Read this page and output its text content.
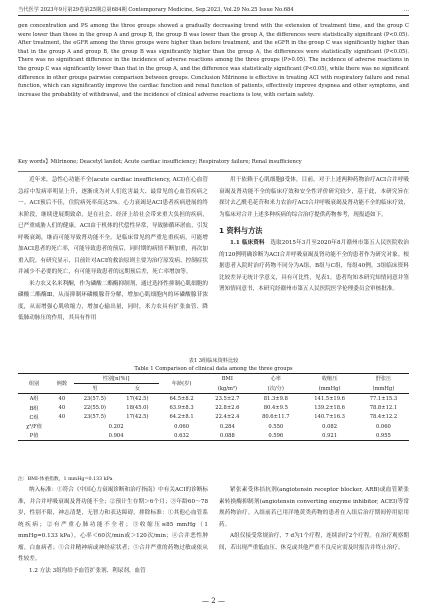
当代医学 2023年9月第29卷第25期总第684期 Contemporary Medicine, Sep.2023, Vol.29 No.25 Issue No.684	…

gen concentration and PS among the three groups showed a gradually decreasing trend with the extension of treatment time, and the group C were lower than those in the group A and group B, the group B was lower than the group A, the differences were statistically significant (P<0.05). After treatment, the eGFR among the three groups were higher than before treatment, and the eGFR in the group C was significantly higher than that in the group A and group B, the group B was significantly higher than the group A, the differences were statistically significant (P<0.05). There was no significant difference in the incidence of adverse reactions among the three groups (P>0.05). The incidence of adverse reactions in the group C was significantly lower than that in the group A, and the difference was statistically significant (P<0.05), while there was no significant difference in other groups pairwise comparison between groups. Conclusion Milrinone is effective in treating ACI with respiratory failure and renal function, which can significantly improve the cardiac function and renal function of patients, effectively improve dyspnea and other symptoms, and increase the probability of withdrawal, and the incidence of clinical adverse reactions is low, with certain safety.

Key words】Milrinone; Deacetyl lanilot; Acute cardiac insufficiency; Respiratory failure; Renal insufficiency

近年来，急性心功能不全(acute cardiac insufficiency, ACI)在心血管急症中发病率明显上升，逐渐成为对人们危害最大、最常见的心血管疾病之一。ACI预后不佳，住院病死率高达3%。心力衰竭是ACI患者疾病进展的终末阶段，继续进展期致命，是在社会、经济上给社会带来重大负担的疾病，已严重威胁人们的健康。ACI由于机体的代偿性异常，导致肺循环淤血，引发呼吸衰竭，继而可能导致肾功能不全。是临床常见的严重危重疾病，可能增加ACI患者的死亡率，可能导致患者的预后，同时期的病情不断加重，再次加重入院。有研究显示，目前针对ACI的救治原则主要为治疗原发病、控制症状并减少不必要的死亡，有可能导致患者的远期预后差，死亡率增加等。

米力农又名米利酮，作为磷酸二酯酶抑制剂，通过选择性抑制心肌细胞的磷酸二酯酶Ⅲ，从而抑制环磷酸腺苷分解，增加心肌细胞内的环磷酸腺苷浓度，从而增强心肌收缩力，增加心输出量，同时，米力农具有扩张血管、降低肺动脉压的作用，其具有作用

用于依赖于心肌细胞β受体，目前，对于上述两种药物治疗ACI合并呼吸衰竭及肾功能不全的临床疗效和安全性评价研究较少，基于此，本研究旨在探讨去乙酰毛花苷和米力农治疗ACI合并呼吸衰竭及肾功能不全的临床疗效，为临床对合并上述多种疾病的综合治疗提供药物参考，现报道如下。

1 资料与方法

1.1 临床资料　 选取2015年3月至2020年8月赣州市第五人民医院收治的120例明确诊断为ACI合并呼吸衰竭及肾功能不全的患者作为研究对象。根据患者入院时治疗药物不同分为A组、B组与C组，每组40例。3组临床资料比较差异无统计学意义，具有可比性，见表1。患者均知本研究知情同意并签署知情同意书，本研究经赣州市第五人民医院医学伦理委员会审核批准。

表1 3组临床资料比较
Table 1 Comparison of clinical data among the three groups
组别	例数	性别[n(%)]		年龄(岁)	BMI	心率	收缩压	舒张压
		男	女		(kg/m²)	(次/分)	(mmHg)	(mmHg)
A组	40	23(57.5)	17(42.5)	64.5±8.2	23.5±2.7	81.3±9.8	141.5±19.6	77.1±15.3
B组	40	22(55.0)	18(45.0)	63.9±8.3	22.8±2.6	80.4±9.5	139.2±18.6	78.8±12.1
C组	40	23(57.5)	17(42.5)	64.2±8.1	22.4±2.4	80.6±11.7	140.7±16.3	78.4±12.2
χ²/F值		0.202		0.060	0.284	0.550	0.082	0.060
P值		0.904		0.632	0.088	0.596	0.921	0.955
注：BMI-体重指数，1 mmHg=0.133 kPa

纳入标准：①符合《中国心力衰竭诊断和治疗指南》中有关ACI的诊断标准，并合并呼吸衰竭及肾功能不全；②预计生存期＞6个月；③年龄60～78岁，性别不限，神志清楚，无智力和表达障碍。排除标准：①其他心血管系统疾病；②有严重心肺功能不全者；③收缩压≤85 mmHg（1 mmHg=0.133 kPa），心率＜60次/min或＞120次/min；④合并恶性肿瘤。白血病者；⑤合并精神病或神经症状者；⑤合并严重的药物过敏或依从性较差。

1.2 方法 3组均给予血管扩张剂、利尿剂、血管

紧张素受体拮抗剂(angiotensin receptor blocker, ARB)或血管紧张素转换酶抑制剂(angiotensin converting enzyme inhibitor, ACEI)等常规药物治疗。入组前若已用洋地黄类药物的患者在入组后治疗期间停用原用药。

A组仅接受常规治疗，7 d为1个疗程，连续治疗2个疗程。在治疗观察期间，若出现严重低血压、休克或其他严重不良反应需及时报告并终止治疗。

— 2 —
